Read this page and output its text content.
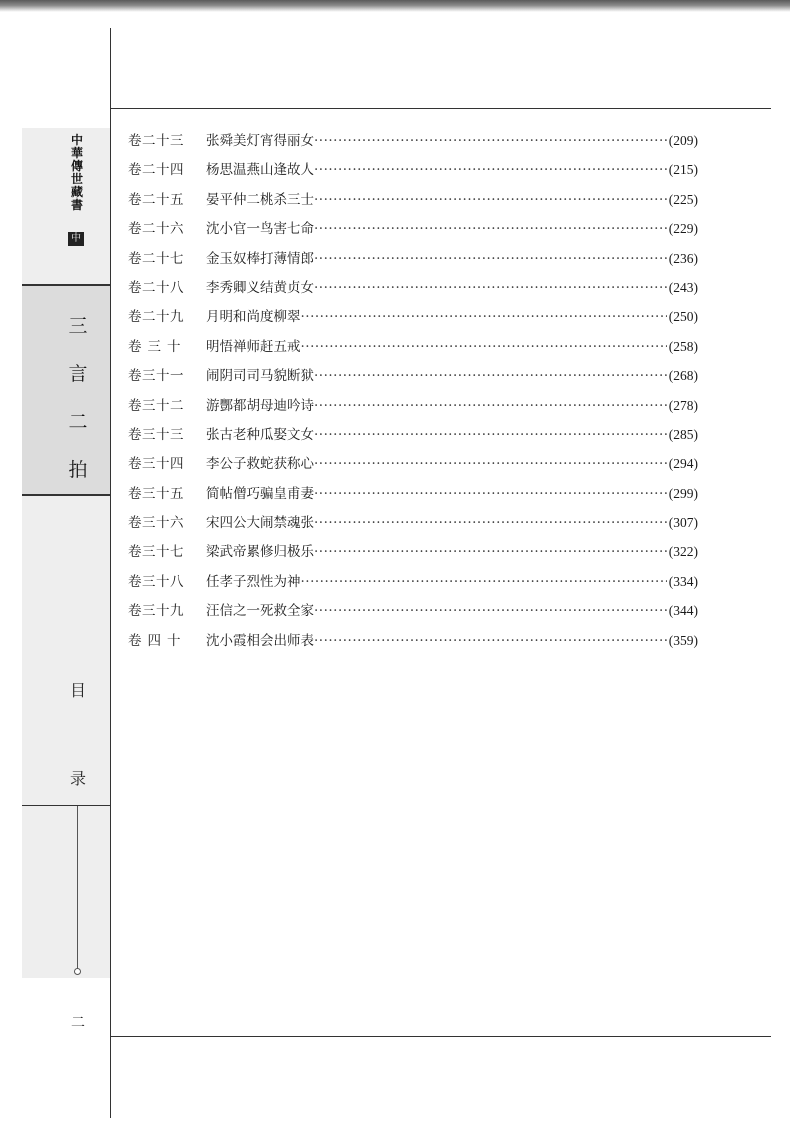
中
華
傳
世
藏
書
中
三
言
二
拍
目
录
二
卷二十三	张舜美灯宵得丽女 ·····	(209)
卷二十四	杨思温燕山逢故人 ·····	(215)
卷二十五	晏平仲二桃杀三士 ·····	(225)
卷二十六	沈小官一鸟害七命 ·····	(229)
卷二十七	金玉奴棒打薄情郎 ·····	(236)
卷二十八	李秀卿义结黄贞女 ·····	(243)
卷二十九	月明和尚度柳翠 ·····	(250)
卷三十	明悟禅师赶五戒 ·····	(258)
卷三十一	闹阴司司马貌断狱 ·····	(268)
卷三十二	游酆都胡母迪吟诗 ·····	(278)
卷三十三	张古老种瓜娶文女 ·····	(285)
卷三十四	李公子救蛇获称心 ·····	(294)
卷三十五	简帖僧巧骗皇甫妻 ·····	(299)
卷三十六	宋四公大闹禁魂张 ·····	(307)
卷三十七	梁武帝累修归极乐 ·····	(322)
卷三十八	任孝子烈性为神 ·····	(334)
卷三十九	汪信之一死救全家 ·····	(344)
卷四十	沈小霞相会出师表 ·····	(359)
